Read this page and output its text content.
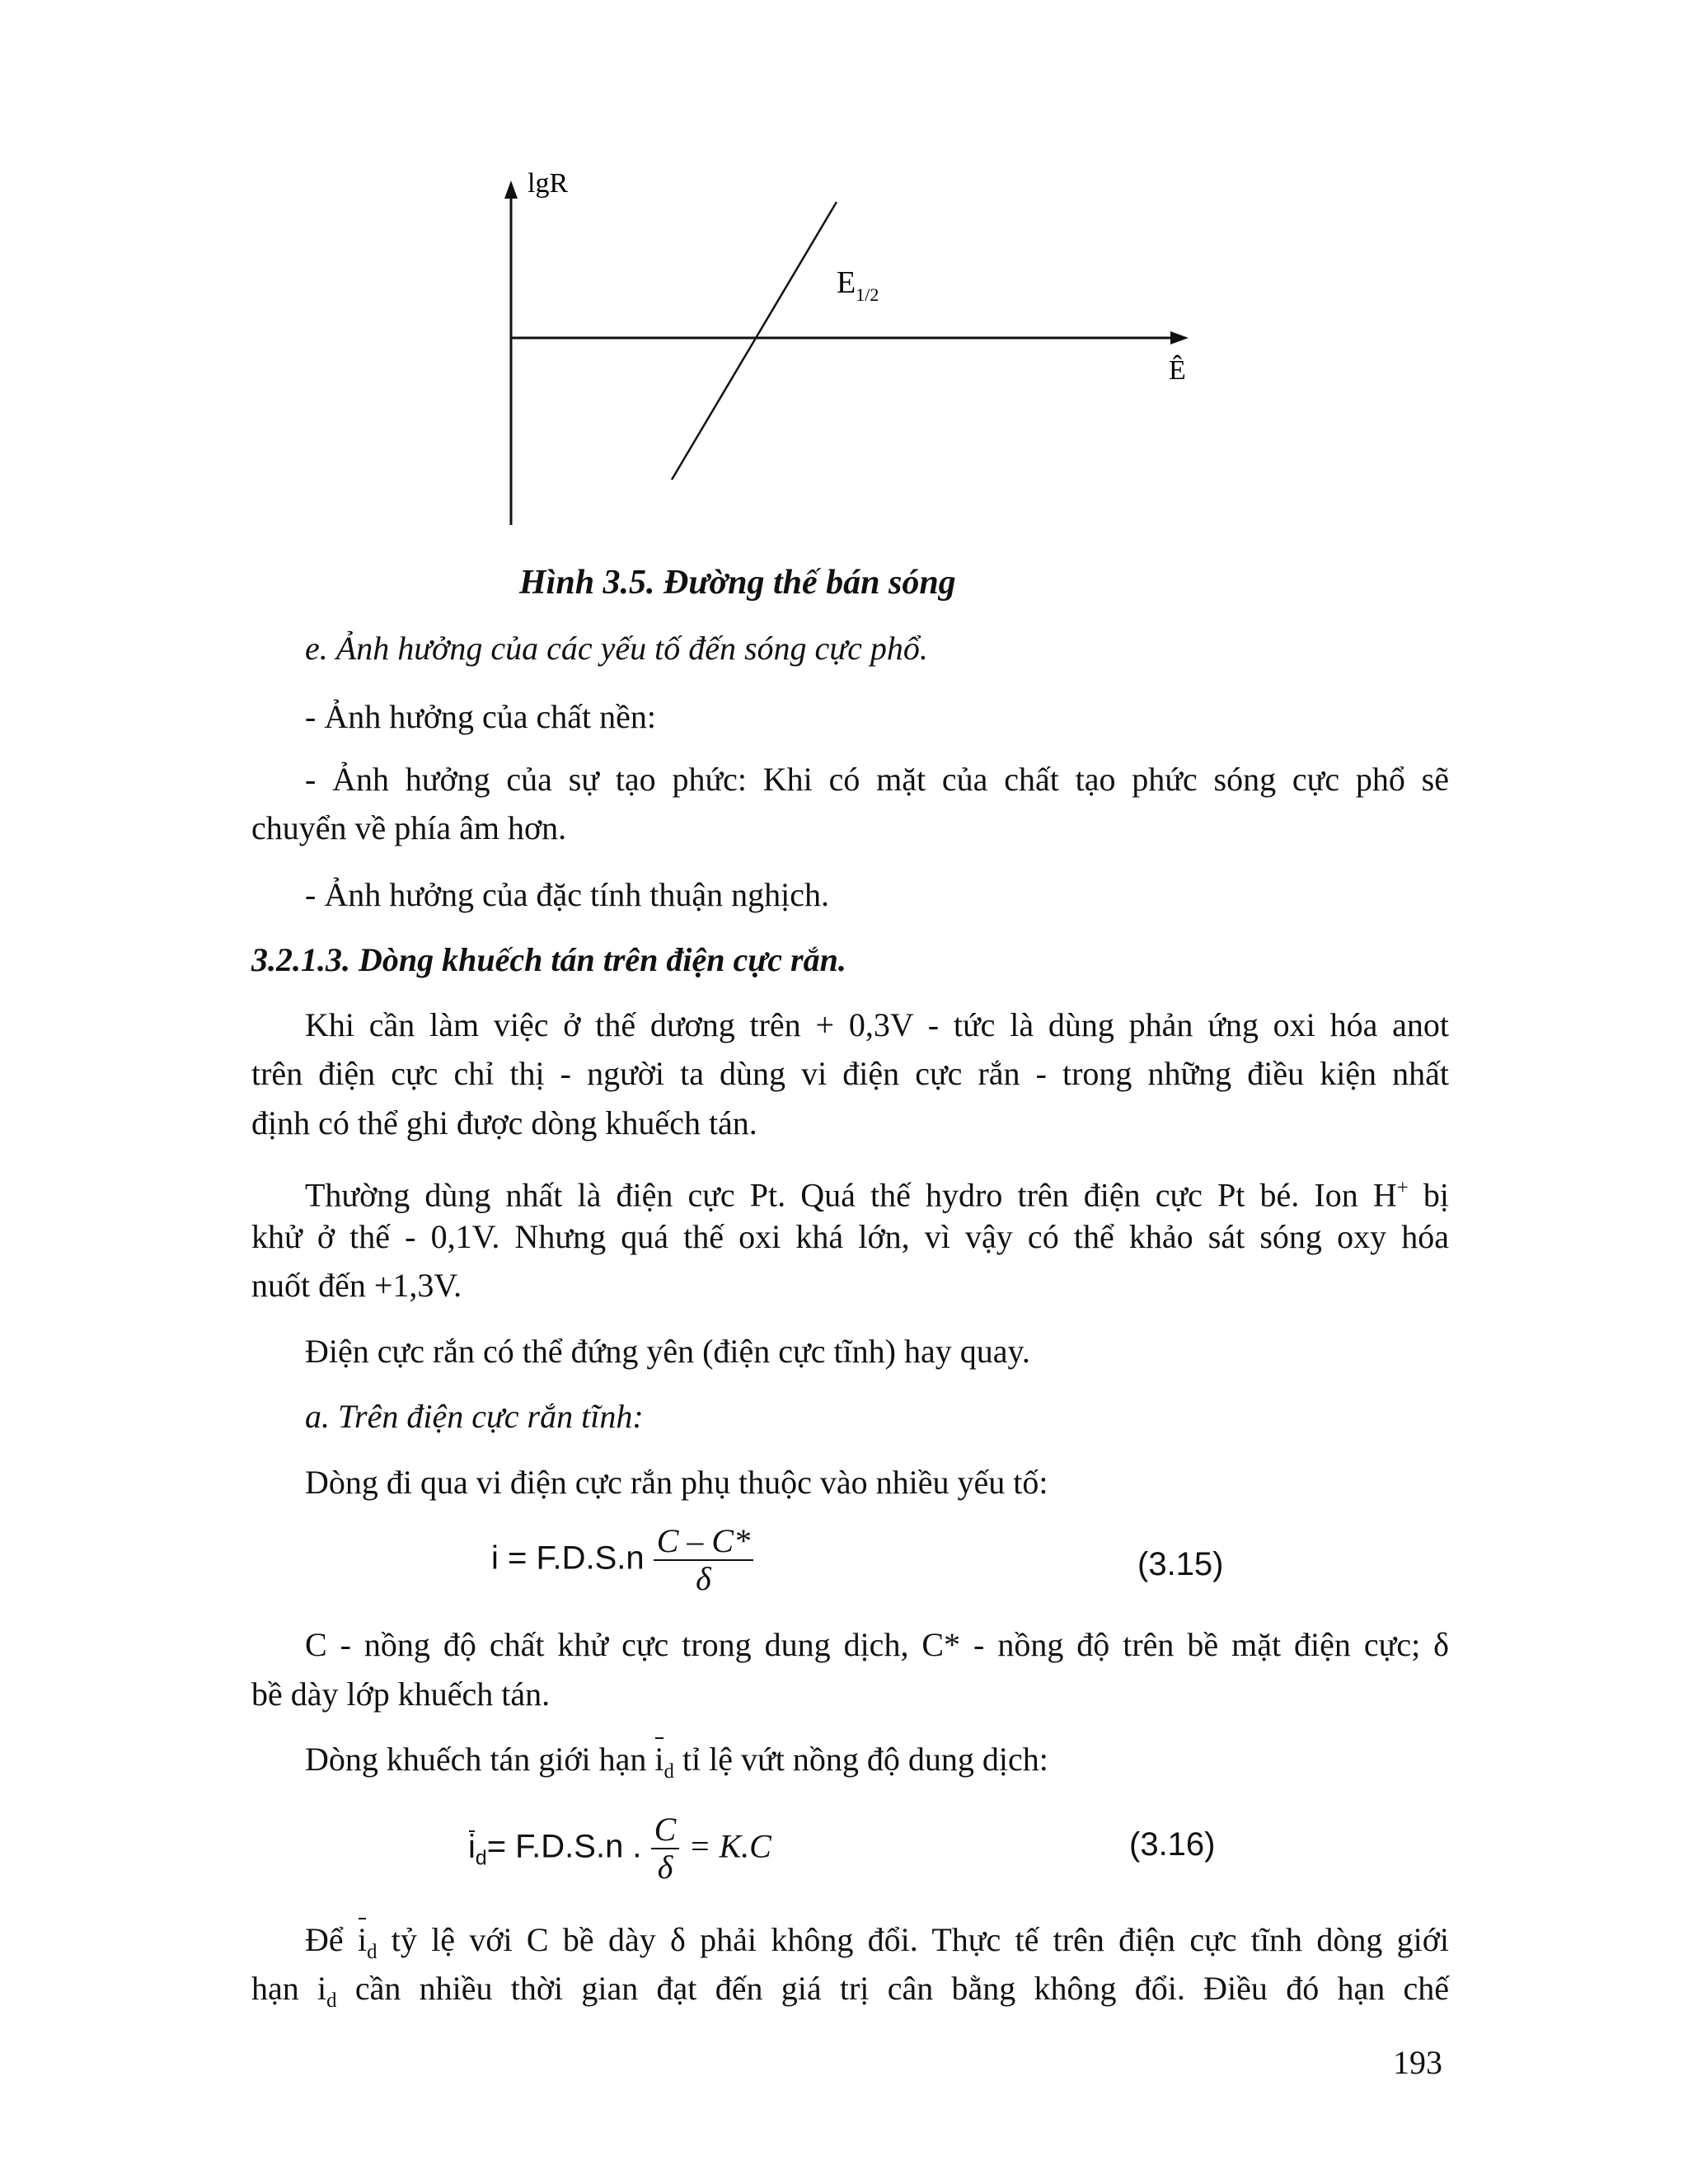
lgR
Ê
$E_{1/2}$
Hình 3.5. Đường thế bán sóng
e. Ảnh hưởng của các yếu tố đến sóng cực phổ.
- Ảnh hưởng của chất nền:
- Ảnh hưởng của sự tạo phức: Khi có mặt của chất tạo phức sóng cực phổ sẽ
chuyển về phía âm hơn.
- Ảnh hưởng của đặc tính thuận nghịch.
3.2.1.3. Dòng khuếch tán trên điện cực rắn.
Khi cần làm việc ở thế dương trên + 0,3V - tức là dùng phản ứng oxi hóa anot
trên điện cực chỉ thị - người ta dùng vi điện cực rắn - trong những điều kiện nhất
định có thể ghi được dòng khuếch tán.
Thường dùng nhất là điện cực Pt. Quá thế hydro trên điện cực Pt bé. Ion H+ bị
khử ở thế - 0,1V. Nhưng quá thế oxi khá lớn, vì vậy có thể khảo sát sóng oxy hóa
nuốt đến +1,3V.
Điện cực rắn có thể đứng yên (điện cực tĩnh) hay quay.
a. Trên điện cực rắn tĩnh:
Dòng đi qua vi điện cực rắn phụ thuộc vào nhiều yếu tố:
$i = F.D.S.n \frac{C - C*}{\delta}$	(3.15)
C - nồng độ chất khử cực trong dung dịch, C* - nồng độ trên bề mặt điện cực; δ
bề dày lớp khuếch tán.
Dòng khuếch tán giới hạn $i_d$ tỉ lệ vứt nồng độ dung dịch:
$i_d= F.D.S.n$ . $\frac{C}{\delta} = K.C$	(3.16)
Để $i_d$ tỷ lệ với C bề dày δ phải không đổi. Thực tế trên điện cực tĩnh dòng giới
hạn $i_d$ cần nhiều thời gian đạt đến giá trị cân bằng không đổi. Điều đó hạn chế
193
